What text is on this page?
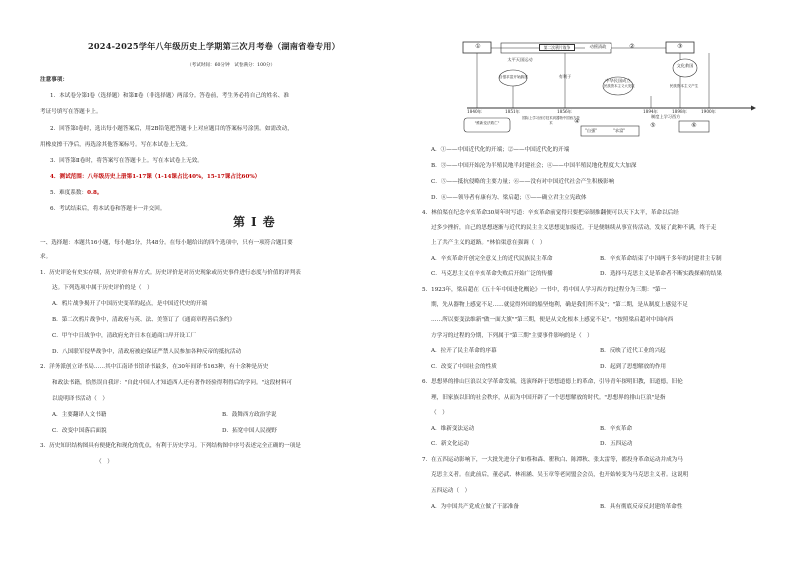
2024-2025学年八年级历史上学期第三次月考卷（湖南省卷专用）
（考试时间：60分钟　试卷满分：100分）
注意事项：
1．本试卷分第Ⅰ卷（选择题）和第Ⅱ卷（非选择题）两部分。答卷前，考生务必将自己的姓名、准
考证号填写在答题卡上。
2．回答第Ⅰ卷时，选出每小题答案后，用2B铅笔把答题卡上对应题目的答案标号涂黑。如需改动，
用橡皮擦干净后，再选涂其他答案标号。写在本试卷上无效。
3．回答第Ⅱ卷时，将答案写在答题卡上。写在本试卷上无效。
4．测试范围：八年级历史上册第1-17课（1-14课占比40%，15-17课占比60%）
5．难度系数：0.8。
6．考试结束后，将本试卷和答题卡一并交回。
第Ⅰ卷
一、选择题：本题共16小题，每小题3分，共48分。在每小题给出的四个选项中，只有一项符合题目要
求。
1．历史评论有史实存续，历史评价有界方式。历史评价是对历史现象或历史事件进行态度与价值的评判表
达。下列选项中属于历史评价的是（　）
A．鸦片战争揭开了中国历史变革的起点，是中国近代史的开端
B．第二次鸦片战争中，清政府与英、法、美签订了《通商章程善后条约》
C．甲午中日战争中，清政府允许日本在通商口岸开设工厂
D．八国联军侵华战争中，清政府被迫保证严禁人民参加各种反帝的抵抗活动
2．洋务派创立译书局……其中江南译书馆译书最多，在30年间译书163种，有十余种是历史
和政法书籍，恰然误自我评："自此中国人才知道西人还有著作经验得利得后的学问。"这段材料可
以说明译书活动（　）
A．主要翻译人文书籍	B．鼓舞西方政治学说
C．改变中国落后面貌	D．拓宽中国人民视野
3．历史知识结构图具有便捷化和现化的优点，有利于历史学习。下列结构图中序号表述完全正确的一项是
（　）
①	第二次鸦片战争	动摇清政	②	③
文化救国
太平天国运动
自强求富开始搞建	有利于
中华民国成立
民族资本主义大发展	民族资本主义产生
1840年	1851年	1856年	1894年	1898年	1900年
"维新变法救亡"
"自强"	"求富"
国际上学习西方技术到器物中国西方技术
制度上学习西方
④
⑤	⑥
A．①——中国近代化的开端；②——中国近代化的开端
B．③——中国开始沦为半殖民地半封建社会；④——中国半殖民地化程度大大加深
C．⑤——抵抗侵略的主要力量；⑥——没有对中国近代社会产生积极影响
D．⑥——领导者有康有为、梁启超；⑤——确立君主立宪政体
4．林伯渠在纪念辛亥革命30周年时写道：辛亥革命前觉得只要把帝制推翻便可以天下太平，革命以后经
过多少挫折，自己的思想逐渐与近代的民主主义思想更加接近。于是便继续从事宣传活动，发展了此种不满，终于走
上了共产主义的道路。"林伯渠意在强调（　）
A．辛亥革命开创完全意义上的近代民族民主革命	B．辛亥革命结束了中国两千多年的封建君主专制
C．马克思主义在辛亥革命失败后开始广泛的传播	D．选择马克思主义是革命者不断实践探索的结果
5．1923年，梁启超在《五十年中国进化概论》一书中，将中国人学习西方的过程分为三期："第一
期，先从器物上感觉不足……就觉得外国的船坚炮利，确是我们所不及"；"第二期，是从制度上感觉不足
……所以要变法维新"做一面大旗""第三期，便是从文化根本上感觉不足"。"按照梁启超对中国向西
方学习的过程的分期，下列属于"第三期"主要事件影响的是（　）
A．拉开了民主革命的序幕	B．反映了近代工业的兴起
C．改变了中国社会的性质	D．起到了思想解放的作用
6．思想界的排山巨浪以文学革命发端，选演绎辟于思想道德上的革命，引导青年探明旧教，旧道德，旧伦
理，旧家族以旧的社会秩序，从而为中国开辟了一个思想解放的时代。"思想界的排山巨浪"是指
（　）
A．维新变法运动	B．辛亥革命
C．新文化运动	D．五四运动
7．在五四运动影响下，一大批先进分子如蔡和森、瞿秋白、陈潭秋、张太雷等，都投身革命运动并成为马
克思主义者。在此前后，董必武、林祖涵、吴玉章等老同盟会会员，也开始转变为马克思主义者。这说明
五四运动（　）
A．为中国共产党成立做了干部准备	B．具有彻底反帝反封建的革命性
